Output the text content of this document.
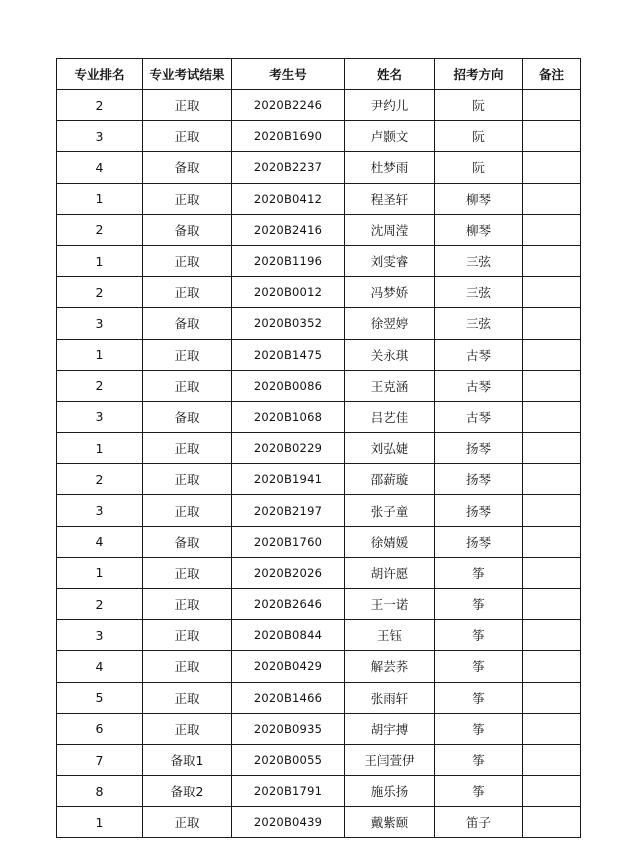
专业排名	专业考试结果	考生号	姓名	招考方向	备注
2	正取	2020B2246	尹约儿	阮	
3	正取	2020B1690	卢颢文	阮	
4	备取	2020B2237	杜梦雨	阮	
1	正取	2020B0412	程圣轩	柳琴	
2	备取	2020B2416	沈周滢	柳琴	
1	正取	2020B1196	刘雯睿	三弦	
2	正取	2020B0012	冯梦娇	三弦	
3	备取	2020B0352	徐翌婷	三弦	
1	正取	2020B1475	关永琪	古琴	
2	正取	2020B0086	王克涵	古琴	
3	备取	2020B1068	吕艺佳	古琴	
1	正取	2020B0229	刘弘婕	扬琴	
2	正取	2020B1941	邵薪璇	扬琴	
3	正取	2020B2197	张子童	扬琴	
4	备取	2020B1760	徐婧媛	扬琴	
1	正取	2020B2026	胡许愿	筝	
2	正取	2020B2646	王一诺	筝	
3	正取	2020B0844	王钰	筝	
4	正取	2020B0429	解芸荞	筝	
5	正取	2020B1466	张雨轩	筝	
6	正取	2020B0935	胡宇搏	筝	
7	备取1	2020B0055	王闫萱伊	筝	
8	备取2	2020B1791	施乐扬	筝	
1	正取	2020B0439	戴紫颐	笛子	
